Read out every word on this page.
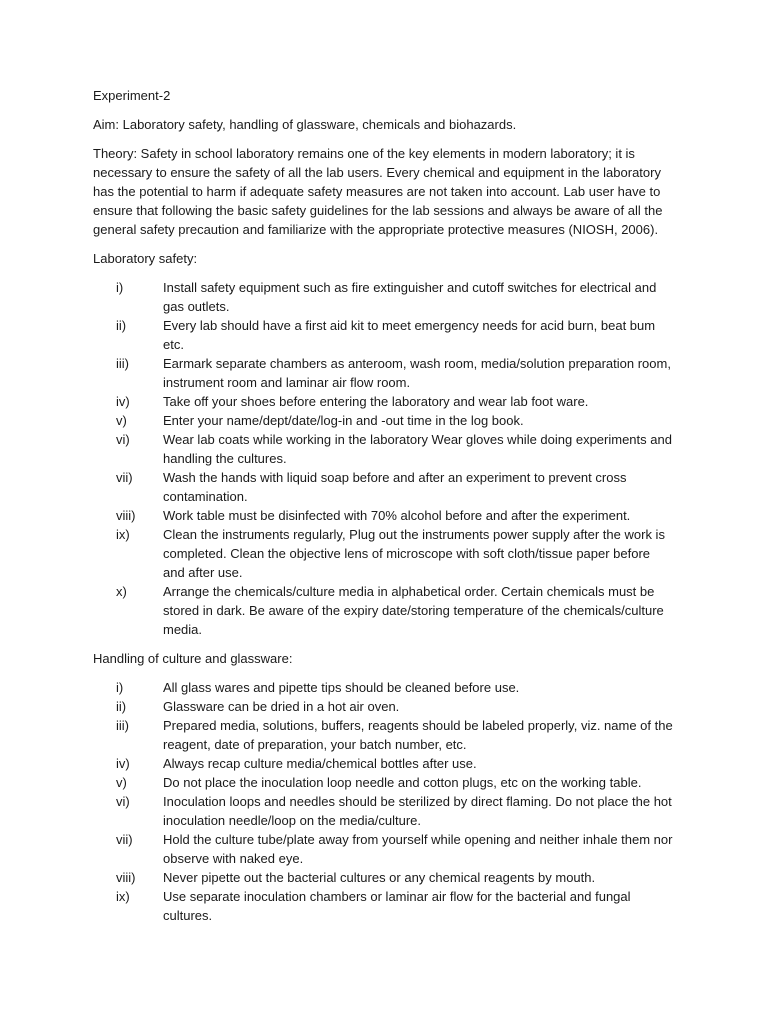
Experiment-2

Aim: Laboratory safety, handling of glassware, chemicals and biohazards.

Theory: Safety in school laboratory remains one of the key elements in modern laboratory; it is necessary to ensure the safety of all the lab users. Every chemical and equipment in the laboratory has the potential to harm if adequate safety measures are not taken into account. Lab user have to ensure that following the basic safety guidelines for the lab sessions and always be aware of all the general safety precaution and familiarize with the appropriate protective measures (NIOSH, 2006).

Laboratory safety:

i)	Install safety equipment such as fire extinguisher and cutoff switches for electrical and gas outlets.
ii)	Every lab should have a first aid kit to meet emergency needs for acid burn, beat bum etc.
iii)	Earmark separate chambers as anteroom, wash room, media/solution preparation room, instrument room and laminar air flow room.
iv)	Take off your shoes before entering the laboratory and wear lab foot ware.
v)	Enter your name/dept/date/log-in and -out time in the log book.
vi)	Wear lab coats while working in the laboratory Wear gloves while doing experiments and handling the cultures.
vii)	Wash the hands with liquid soap before and after an experiment to prevent cross contamination.
viii) Work table must be disinfected with 70% alcohol before and after the experiment.
ix)	Clean the instruments regularly, Plug out the instruments power supply after the work is completed. Clean the objective lens of microscope with soft cloth/tissue paper before and after use.
x)	Arrange the chemicals/culture media in alphabetical order. Certain chemicals must be stored in dark. Be aware of the expiry date/storing temperature of the chemicals/culture media.

Handling of culture and glassware:

i)	All glass wares and pipette tips should be cleaned before use.
ii)	Glassware can be dried in a hot air oven.
iii)	Prepared media, solutions, buffers, reagents should be labeled properly, viz. name of the reagent, date of preparation, your batch number, etc.
iv)	Always recap culture media/chemical bottles after use.
v)	Do not place the inoculation loop needle and cotton plugs, etc on the working table.
vi)	Inoculation loops and needles should be sterilized by direct flaming. Do not place the hot inoculation needle/loop on the media/culture.
vii)	Hold the culture tube/plate away from yourself while opening and neither inhale them nor observe with naked eye.
viii) Never pipette out the bacterial cultures or any chemical reagents by mouth.
ix)	Use separate inoculation chambers or laminar air flow for the bacterial and fungal cultures.
